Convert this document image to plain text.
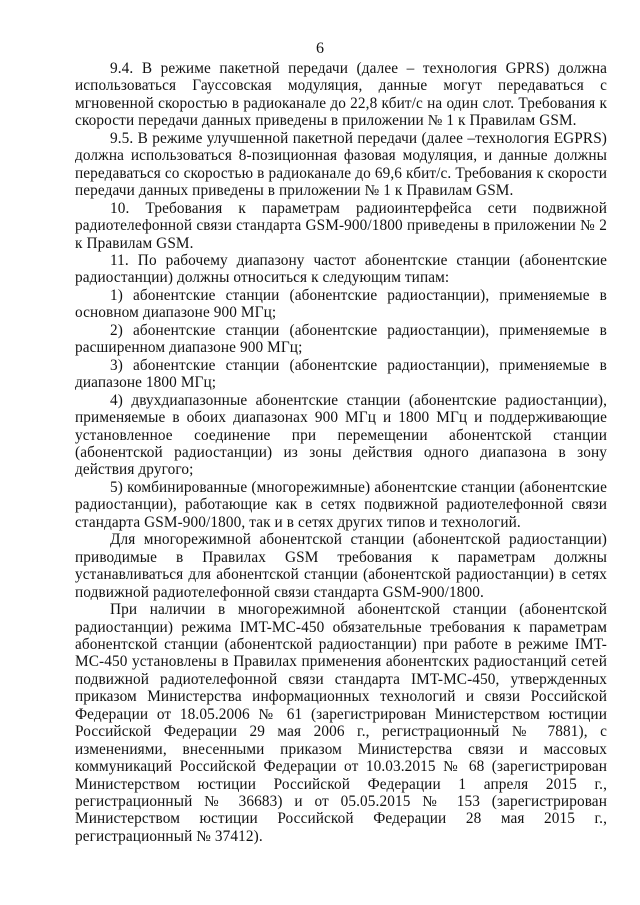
6

9.4. В режиме пакетной передачи (далее – технология GPRS) должна использоваться Гауссовская модуляция, данные могут передаваться с мгновенной скоростью в радиоканале до 22,8 кбит/с на один слот. Требования к скорости передачи данных приведены в приложении № 1 к Правилам GSM.

9.5. В режиме улучшенной пакетной передачи (далее –технология EGPRS) должна использоваться 8-позиционная фазовая модуляция, и данные должны передаваться со скоростью в радиоканале до 69,6 кбит/с. Требования к скорости передачи данных приведены в приложении № 1 к Правилам GSM.

10. Требования к параметрам радиоинтерфейса сети подвижной радиотелефонной связи стандарта GSM-900/1800 приведены в приложении № 2 к Правилам GSM.

11. По рабочему диапазону частот абонентские станции (абонентские радиостанции) должны относиться к следующим типам:

1) абонентские станции (абонентские радиостанции), применяемые в основном диапазоне 900 МГц;

2) абонентские станции (абонентские радиостанции), применяемые в расширенном диапазоне 900 МГц;

3) абонентские станции (абонентские радиостанции), применяемые в диапазоне 1800 МГц;

4) двухдиапазонные абонентские станции (абонентские радиостанции), применяемые в обоих диапазонах 900 МГц и 1800 МГц и поддерживающие установленное соединение при перемещении абонентской станции (абонентской радиостанции) из зоны действия одного диапазона в зону действия другого;

5) комбинированные (многорежимные) абонентские станции (абонентские радиостанции), работающие как в сетях подвижной радиотелефонной связи стандарта GSM-900/1800, так и в сетях других типов и технологий.

Для многорежимной абонентской станции (абонентской радиостанции) приводимые в Правилах GSM требования к параметрам должны устанавливаться для абонентской станции (абонентской радиостанции) в сетях подвижной радиотелефонной связи стандарта GSM-900/1800.

При наличии в многорежимной абонентской станции (абонентской радиостанции) режима IMT-MC-450 обязательные требования к параметрам абонентской станции (абонентской радиостанции) при работе в режиме IMT-MC-450 установлены в Правилах применения абонентских радиостанций сетей подвижной радиотелефонной связи стандарта IMT-MC-450, утвержденных приказом Министерства информационных технологий и связи Российской Федерации от 18.05.2006 № 61 (зарегистрирован Министерством юстиции Российской Федерации 29 мая 2006 г., регистрационный № 7881), с изменениями, внесенными приказом Министерства связи и массовых коммуникаций Российской Федерации от 10.03.2015 № 68 (зарегистрирован Министерством юстиции Российской Федерации 1 апреля 2015 г., регистрационный № 36683) и от 05.05.2015 № 153 (зарегистрирован Министерством юстиции Российской Федерации 28 мая 2015 г., регистрационный № 37412).
